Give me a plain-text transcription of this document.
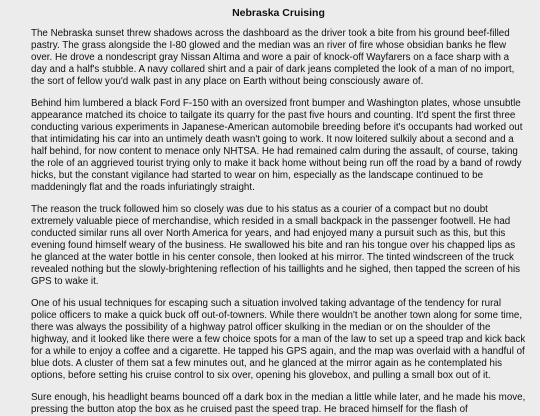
Nebraska Cruising

The Nebraska sunset threw shadows across the dashboard as the driver took a bite from his ground beef-filled pastry. The grass alongside the I-80 glowed and the median was an river of fire whose obsidian banks he flew over. He drove a nondescript gray Nissan Altima and wore a pair of knock-off Wayfarers on a face sharp with a day and a half's stubble. A navy collared shirt and a pair of dark jeans completed the look of a man of no import, the sort of fellow you'd walk past in any place on Earth without being consciously aware of.

Behind him lumbered a black Ford F-150 with an oversized front bumper and Washington plates, whose unsubtle appearance matched its choice to tailgate its quarry for the past five hours and counting. It'd spent the first three conducting various experiments in Japanese-American automobile breeding before it's occupants had worked out that intimidating his car into an untimely death wasn't going to work. It now loitered sulkily about a second and a half behind, for now content to menace only NHTSA. He had remained calm during the assault, of course, taking the role of an aggrieved tourist trying only to make it back home without being run off the road by a band of rowdy hicks, but the constant vigilance had started to wear on him, especially as the landscape continued to be maddeningly flat and the roads infuriatingly straight.

The reason the truck followed him so closely was due to his status as a courier of a compact but no doubt extremely valuable piece of merchandise, which resided in a small backpack in the passenger footwell. He had conducted similar runs all over North America for years, and had enjoyed many a pursuit such as this, but this evening found himself weary of the business. He swallowed his bite and ran his tongue over his chapped lips as he glanced at the water bottle in his center console, then looked at his mirror. The tinted windscreen of the truck revealed nothing but the slowly-brightening reflection of his taillights and he sighed, then tapped the screen of his GPS to wake it.

One of his usual techniques for escaping such a situation involved taking advantage of the tendency for rural police officers to make a quick buck off out-of-towners. While there wouldn't be another town along for some time, there was always the possibility of a highway patrol officer skulking in the median or on the shoulder of the highway, and it looked like there were a few choice spots for a man of the law to set up a speed trap and kick back for a while to enjoy a coffee and a cigarette. He tapped his GPS again, and the map was overlaid with a handful of blue dots. A cluster of them sat a few minutes out, and he glanced at the mirror again as he contemplated his options, before setting his cruise control to six over, opening his glovebox, and pulling a small box out of it.

Sure enough, his headlight beams bounced off a dark box in the median a little while later, and he made his move, pressing the button atop the box as he cruised past the speed trap. He braced himself for the flash of
